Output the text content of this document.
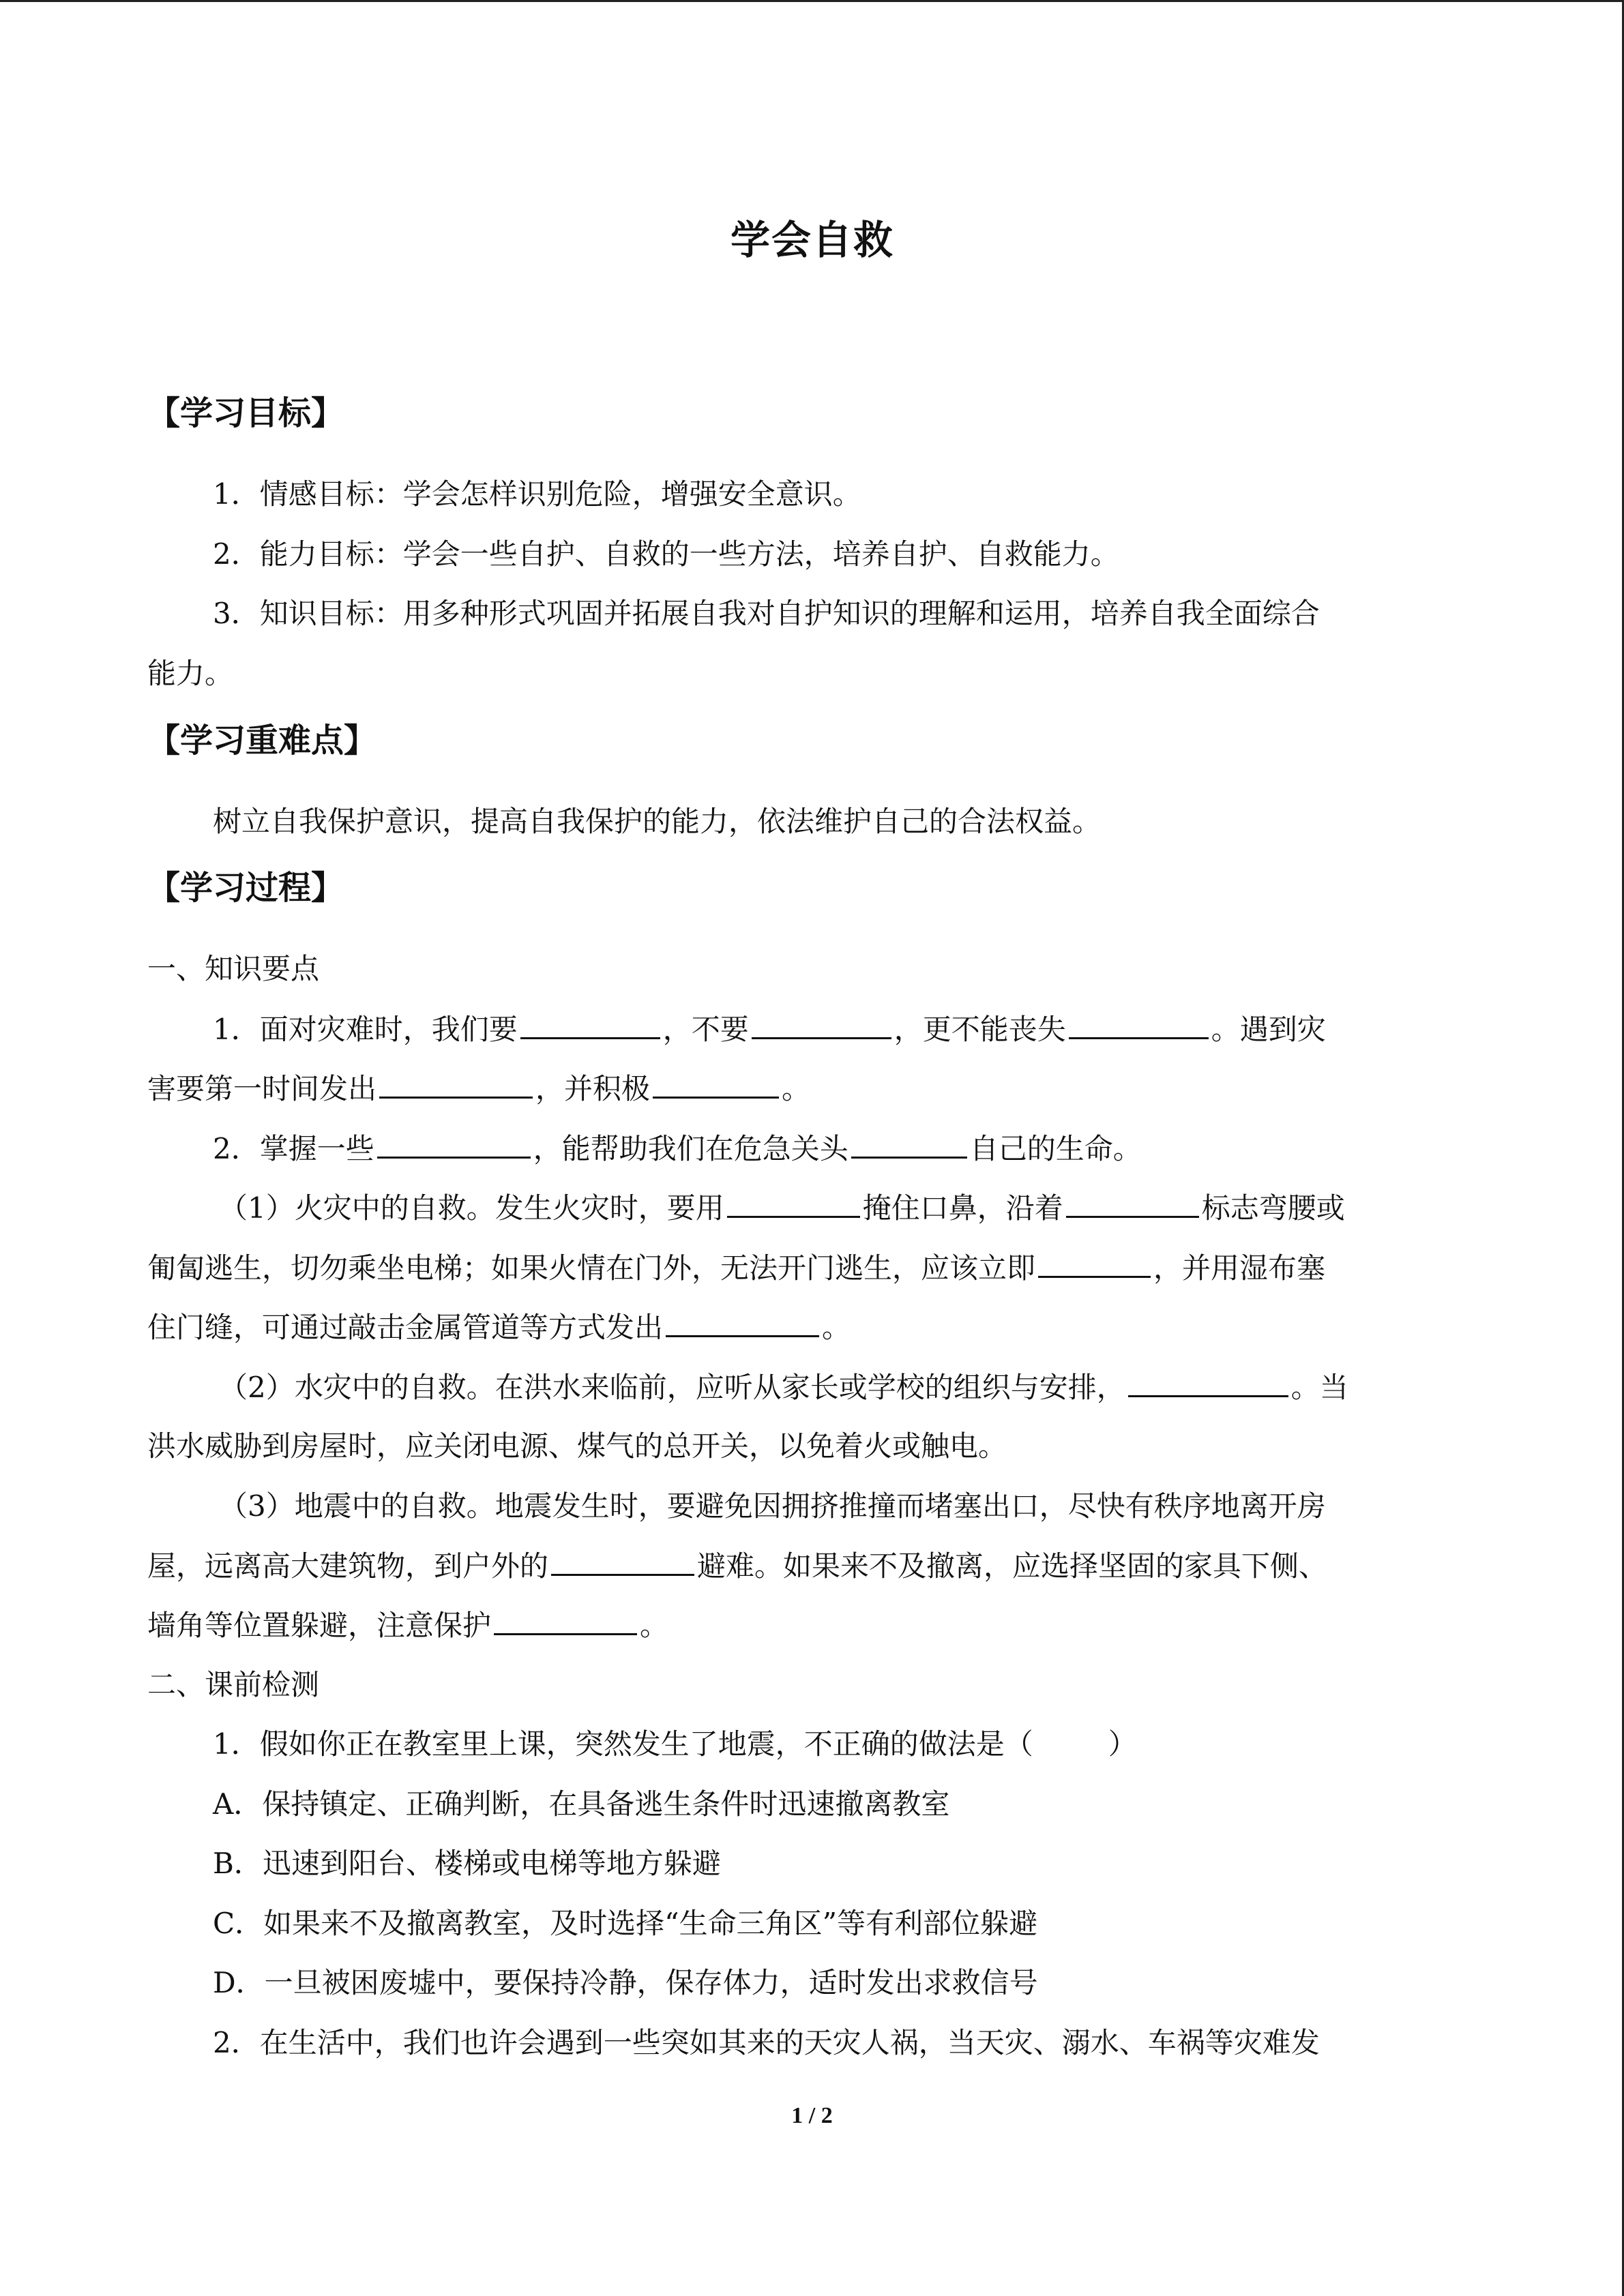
学会自救
【学习目标】
1．情感目标：学会怎样识别危险，增强安全意识。
2．能力目标：学会一些自护、自救的一些方法，培养自护、自救能力。
3．知识目标：用多种形式巩固并拓展自我对自护知识的理解和运用，培养自我全面综合
能力。
【学习重难点】
树立自我保护意识，提高自我保护的能力，依法维护自己的合法权益。
【学习过程】
一、知识要点
1．面对灾难时，我们要	，不要	，更不能丧失	。遇到灾
害要第一时间发出	，并积极	。
2．掌握一些	，能帮助我们在危急关头	自己的生命。
（1）火灾中的自救。发生火灾时，要用	掩住口鼻，沿着	标志弯腰或
匍匐逃生，切勿乘坐电梯；如果火情在门外，无法开门逃生，应该立即	，并用湿布塞
住门缝，可通过敲击金属管道等方式发出	。
（2）水灾中的自救。在洪水来临前，应听从家长或学校的组织与安排，	。当
洪水威胁到房屋时，应关闭电源、煤气的总开关，以免着火或触电。
（3）地震中的自救。地震发生时，要避免因拥挤推撞而堵塞出口，尽快有秩序地离开房
屋，远离高大建筑物，到户外的	避难。如果来不及撤离，应选择坚固的家具下侧、
墙角等位置躲避，注意保护	。
二、课前检测
1．假如你正在教室里上课，突然发生了地震，不正确的做法是（	）
A．保持镇定、正确判断，在具备逃生条件时迅速撤离教室
B．迅速到阳台、楼梯或电梯等地方躲避
C．如果来不及撤离教室，及时选择“生命三角区”等有利部位躲避
D．一旦被困废墟中，要保持冷静，保存体力，适时发出求救信号
2．在生活中，我们也许会遇到一些突如其来的天灾人祸，当天灾、溺水、车祸等灾难发
1 / 2
